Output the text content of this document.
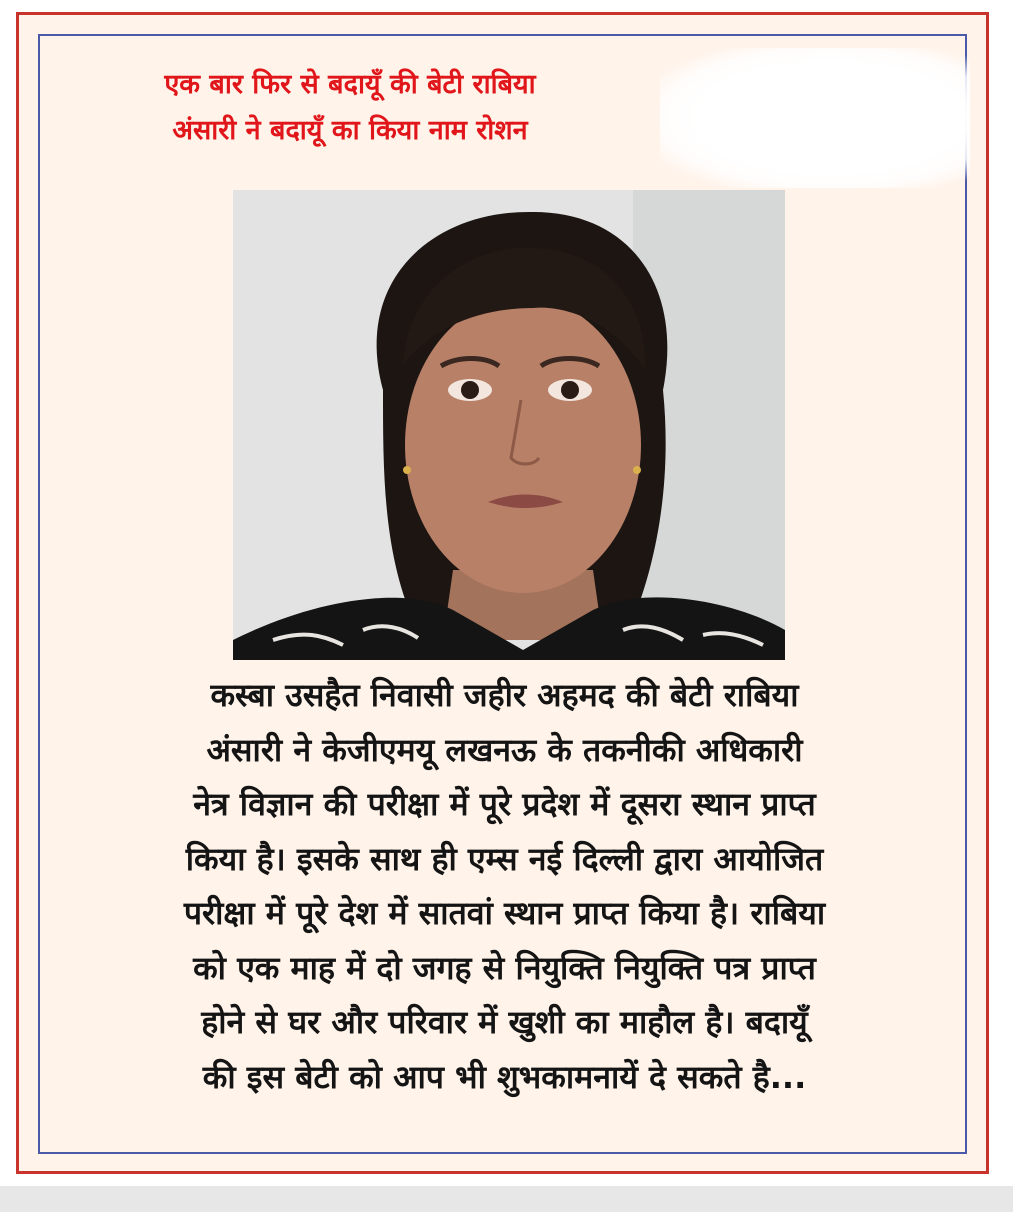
एक बार फिर से बदायूँ की बेटी राबिया
अंसारी ने बदायूँ का किया नाम रोशन

कस्बा उसहैत निवासी जहीर अहमद की बेटी राबिया
अंसारी ने केजीएमयू लखनऊ के तकनीकी अधिकारी
नेत्र विज्ञान की परीक्षा में पूरे प्रदेश में दूसरा स्थान प्राप्त
किया है। इसके साथ ही एम्स नई दिल्ली द्वारा आयोजित
परीक्षा में पूरे देश में सातवां स्थान प्राप्त किया है। राबिया
को एक माह में दो जगह से नियुक्ति नियुक्ति पत्र प्राप्त
होने से घर और परिवार में खुशी का माहौल है। बदायूँ
की इस बेटी को आप भी शुभकामनायें दे सकते है...
